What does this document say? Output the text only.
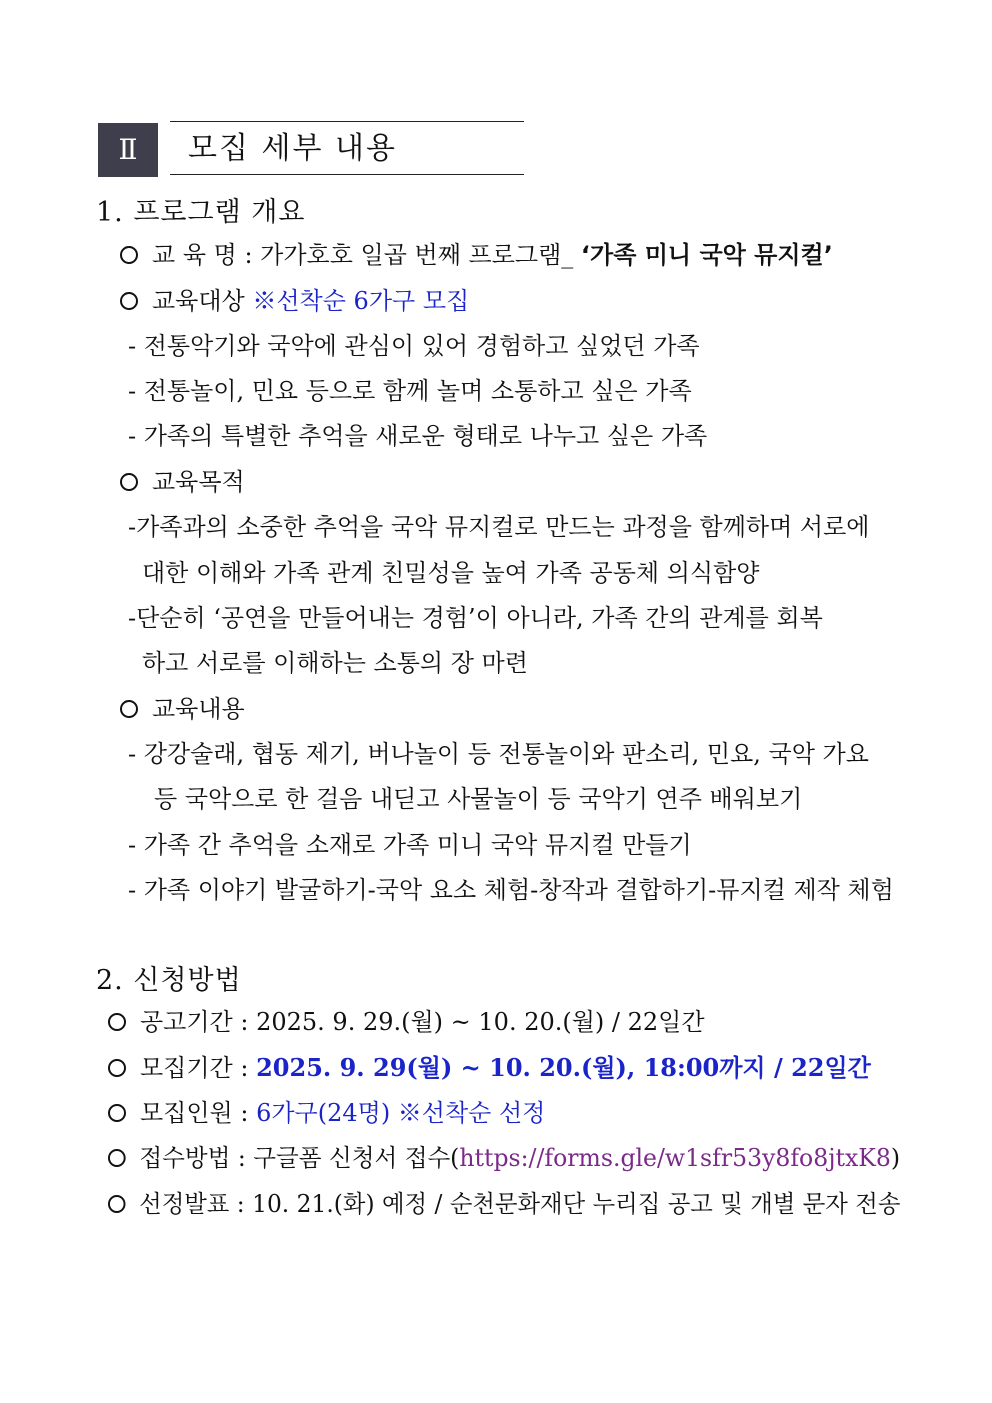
Ⅱ	모집 세부 내용
1. 프로그램 개요
교 육 명 : 가가호호 일곱 번째 프로그램_ ‘가족 미니 국악 뮤지컬’
교육대상 ※선착순 6가구 모집
- 전통악기와 국악에 관심이 있어 경험하고 싶었던 가족
- 전통놀이, 민요 등으로 함께 놀며 소통하고 싶은 가족
- 가족의 특별한 추억을 새로운 형태로 나누고 싶은 가족
교육목적
-가족과의 소중한 추억을 국악 뮤지컬로 만드는 과정을 함께하며 서로에
대한 이해와 가족 관계 친밀성을 높여 가족 공동체 의식함양
-단순히 ‘공연을 만들어내는 경험’이 아니라, 가족 간의 관계를 회복
하고 서로를 이해하는 소통의 장 마련
교육내용
- 강강술래, 협동 제기, 버나놀이 등 전통놀이와 판소리, 민요, 국악 가요
등 국악으로 한 걸음 내딛고 사물놀이 등 국악기 연주 배워보기
- 가족 간 추억을 소재로 가족 미니 국악 뮤지컬 만들기
- 가족 이야기 발굴하기-국악 요소 체험-창작과 결합하기-뮤지컬 제작 체험
2. 신청방법
공고기간 : 2025. 9. 29.(월) ~ 10. 20.(월) / 22일간
모집기간 : 2025. 9. 29(월) ~ 10. 20.(월), 18:00까지 / 22일간
모집인원 : 6가구(24명) ※선착순 선정
접수방법 : 구글폼 신청서 접수(https://forms.gle/w1sfr53y8fo8jtxK8)
선정발표 : 10. 21.(화) 예정 / 순천문화재단 누리집 공고 및 개별 문자 전송
